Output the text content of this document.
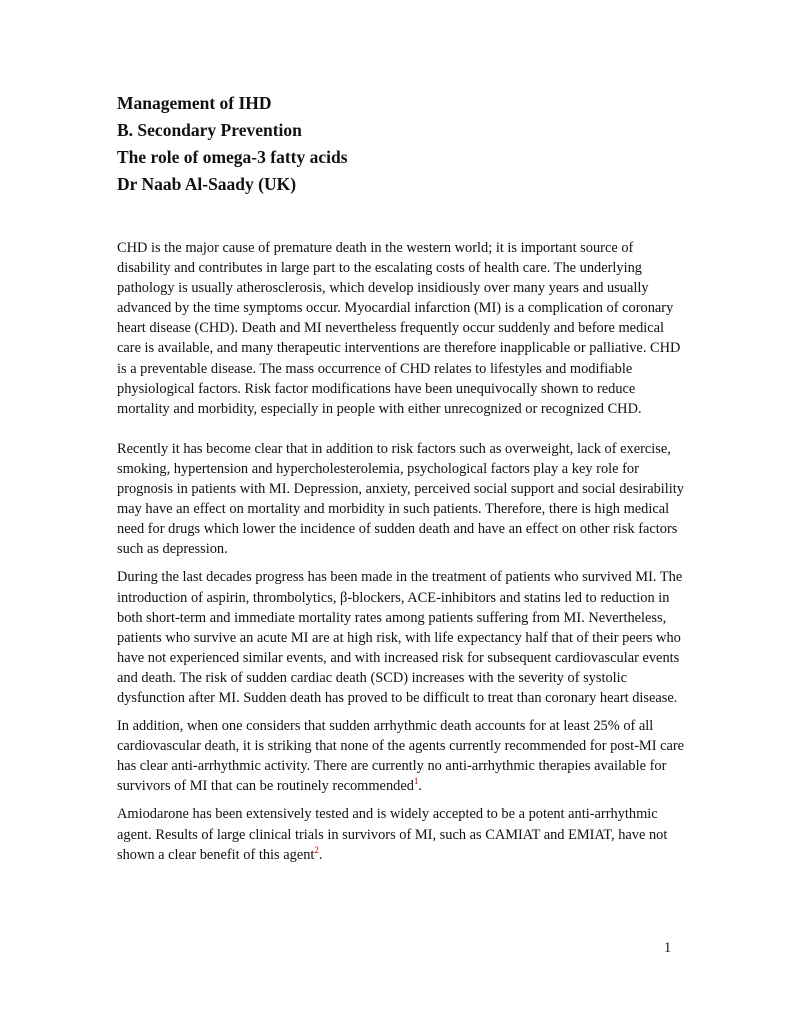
Management of IHD
B. Secondary Prevention
The role of omega-3 fatty acids
Dr Naab Al-Saady (UK)

CHD is the major cause of premature death in the western world; it is important source of disability and contributes in large part to the escalating costs of health care. The underlying pathology is usually atherosclerosis, which develop insidiously over many years and usually advanced by the time symptoms occur. Myocardial infarction (MI) is a complication of coronary heart disease (CHD). Death and MI nevertheless frequently occur suddenly and before medical care is available, and many therapeutic interventions are therefore inapplicable or palliative. CHD is a preventable disease. The mass occurrence of CHD relates to lifestyles and modifiable physiological factors. Risk factor modifications have been unequivocally shown to reduce mortality and morbidity, especially in people with either unrecognized or recognized CHD.

Recently it has become clear that in addition to risk factors such as overweight, lack of exercise, smoking, hypertension and hypercholesterolemia, psychological factors play a key role for prognosis in patients with MI. Depression, anxiety, perceived social support and social desirability may have an effect on mortality and morbidity in such patients. Therefore, there is high medical need for drugs which lower the incidence of sudden death and have an effect on other risk factors such as depression.

During the last decades progress has been made in the treatment of patients who survived MI. The introduction of aspirin, thrombolytics, β-blockers, ACE-inhibitors and statins led to reduction in both short-term and immediate mortality rates among patients suffering from MI. Nevertheless, patients who survive an acute MI are at high risk, with life expectancy half that of their peers who have not experienced similar events, and with increased risk for subsequent cardiovascular events and death. The risk of sudden cardiac death (SCD) increases with the severity of systolic dysfunction after MI. Sudden death has proved to be difficult to treat than coronary heart disease.

In addition, when one considers that sudden arrhythmic death accounts for at least 25% of all cardiovascular death, it is striking that none of the agents currently recommended for post-MI care has clear anti-arrhythmic activity. There are currently no anti-arrhythmic therapies available for survivors of MI that can be routinely recommended$^1$.

Amiodarone has been extensively tested and is widely accepted to be a potent anti-arrhythmic agent. Results of large clinical trials in survivors of MI, such as CAMIAT and EMIAT, have not shown a clear benefit of this agent$^2$.

1
